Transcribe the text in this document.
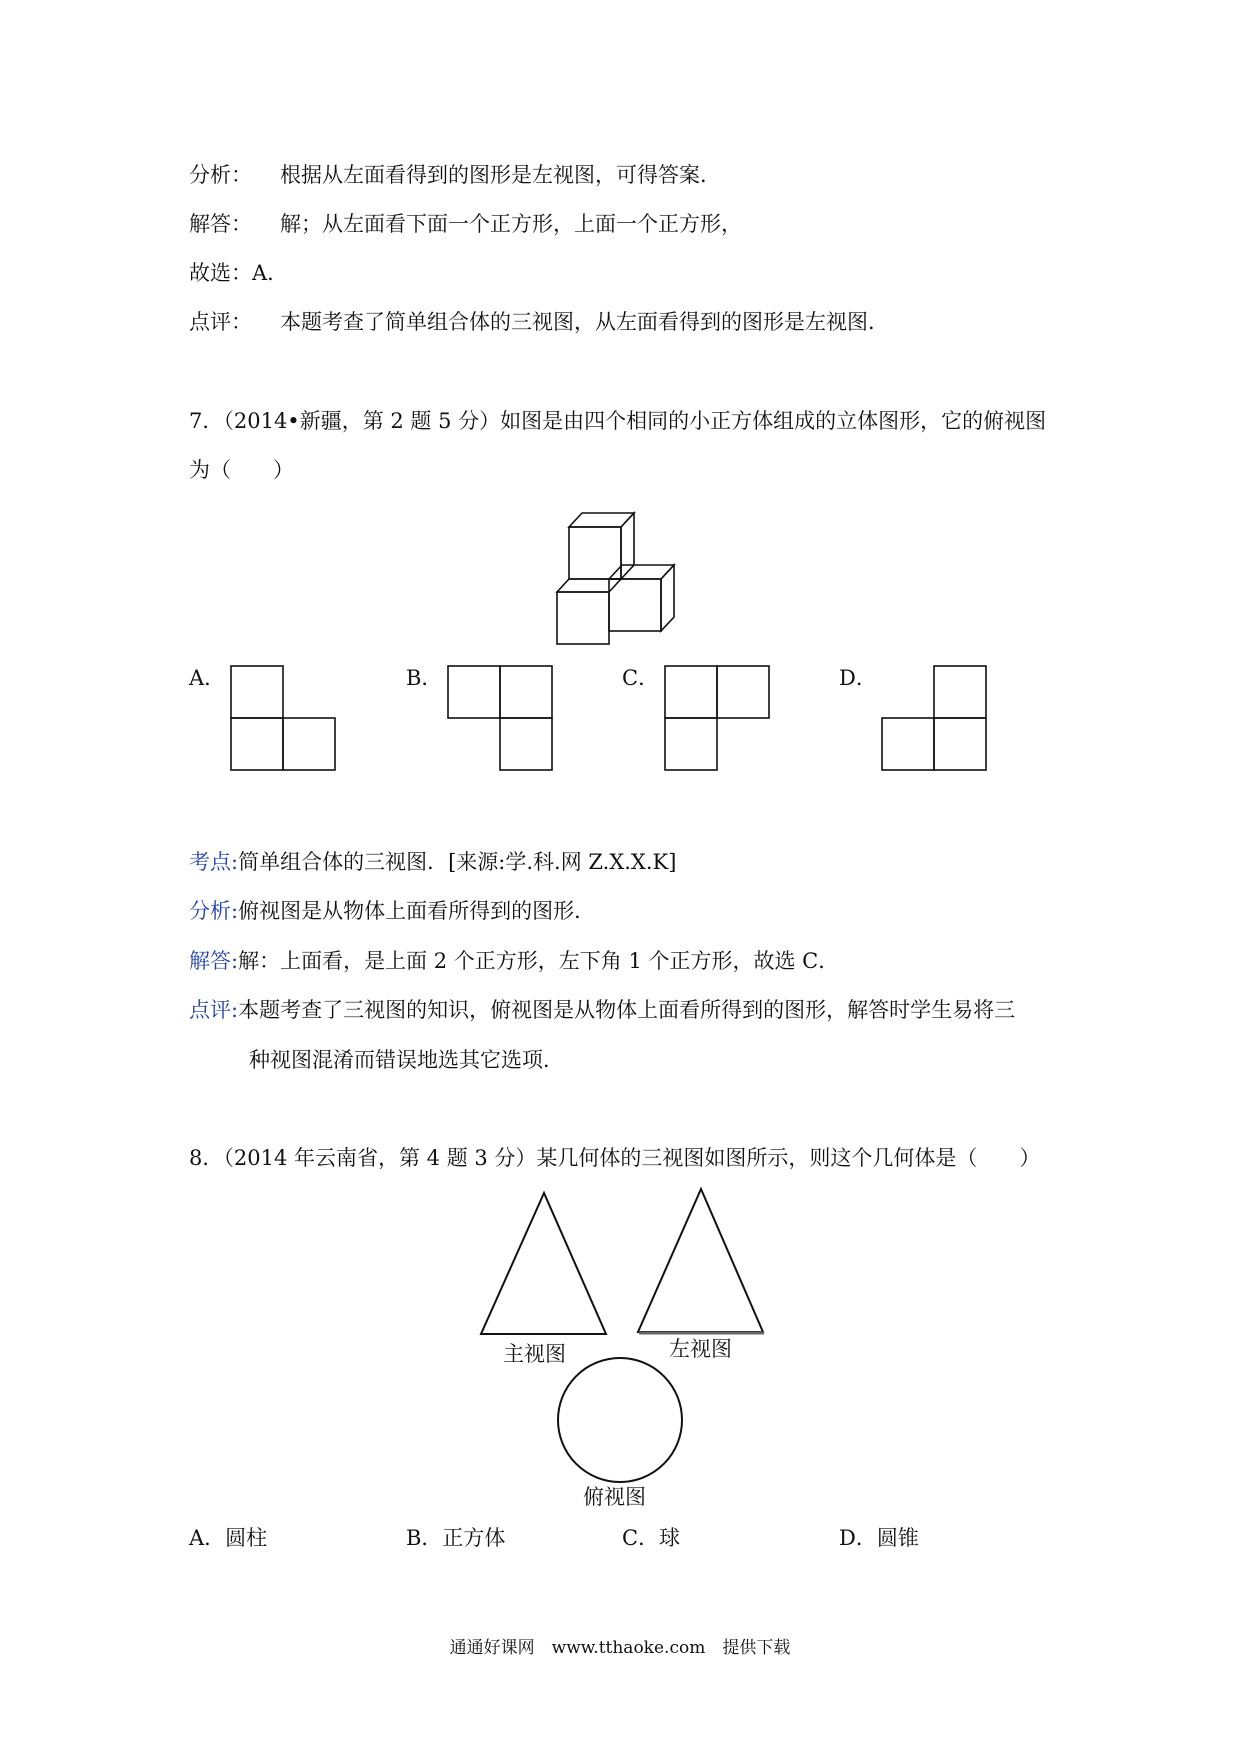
分析： 根据从左面看得到的图形是左视图，可得答案．
解答： 解；从左面看下面一个正方形，上面一个正方形，
故选：A．
点评： 本题考查了简单组合体的三视图，从左面看得到的图形是左视图．
7．（2014•新疆，第 2 题 5 分）如图是由四个相同的小正方体组成的立体图形，它的俯视图
为（　　）
A．	B．	C．	D．
考点:简单组合体的三视图．[来源:学.科.网 Z.X.X.K]
分析:俯视图是从物体上面看所得到的图形．
解答:解：上面看，是上面 2 个正方形，左下角 1 个正方形，故选 C．
点评:本题考查了三视图的知识，俯视图是从物体上面看所得到的图形，解答时学生易将三
种视图混淆而错误地选其它选项．
8．（2014 年云南省，第 4 题 3 分）某几何体的三视图如图所示，则这个几何体是（　　）
主视图	左视图
俯视图
A．圆柱	B．正方体	C．球	D．圆锥
通通好课网　www.tthaoke.com　提供下载
